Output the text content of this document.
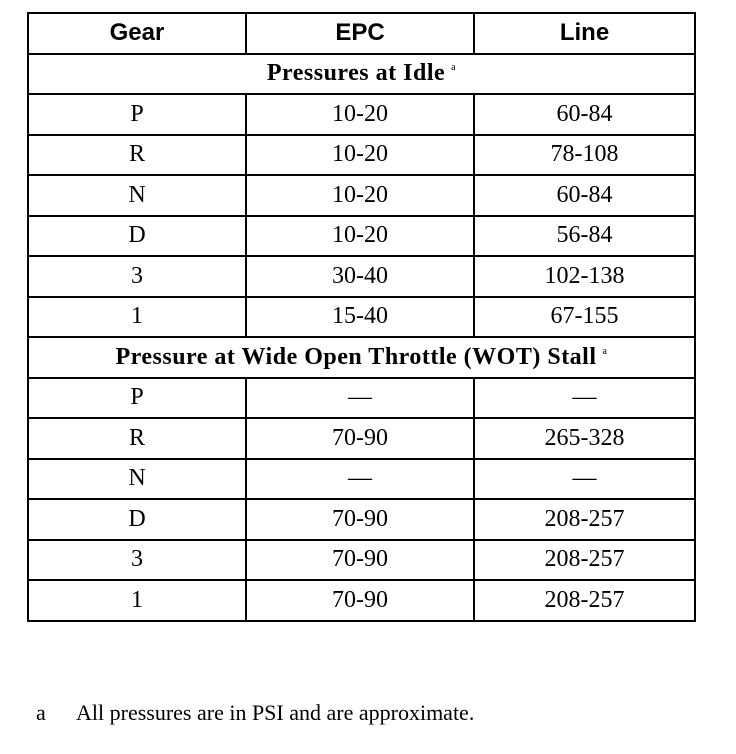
Gear	EPC	Line
Pressures at Idle $^a$
P	10-20	60-84
R	10-20	78-108
N	10-20	60-84
D	10-20	56-84
3	30-40	102-138
1	15-40	67-155
Pressure at Wide Open Throttle (WOT) Stall $^a$
P	—	—
R	70-90	265-328
N	—	—
D	70-90	208-257
3	70-90	208-257
1	70-90	208-257
a All pressures are in PSI and are approximate.
